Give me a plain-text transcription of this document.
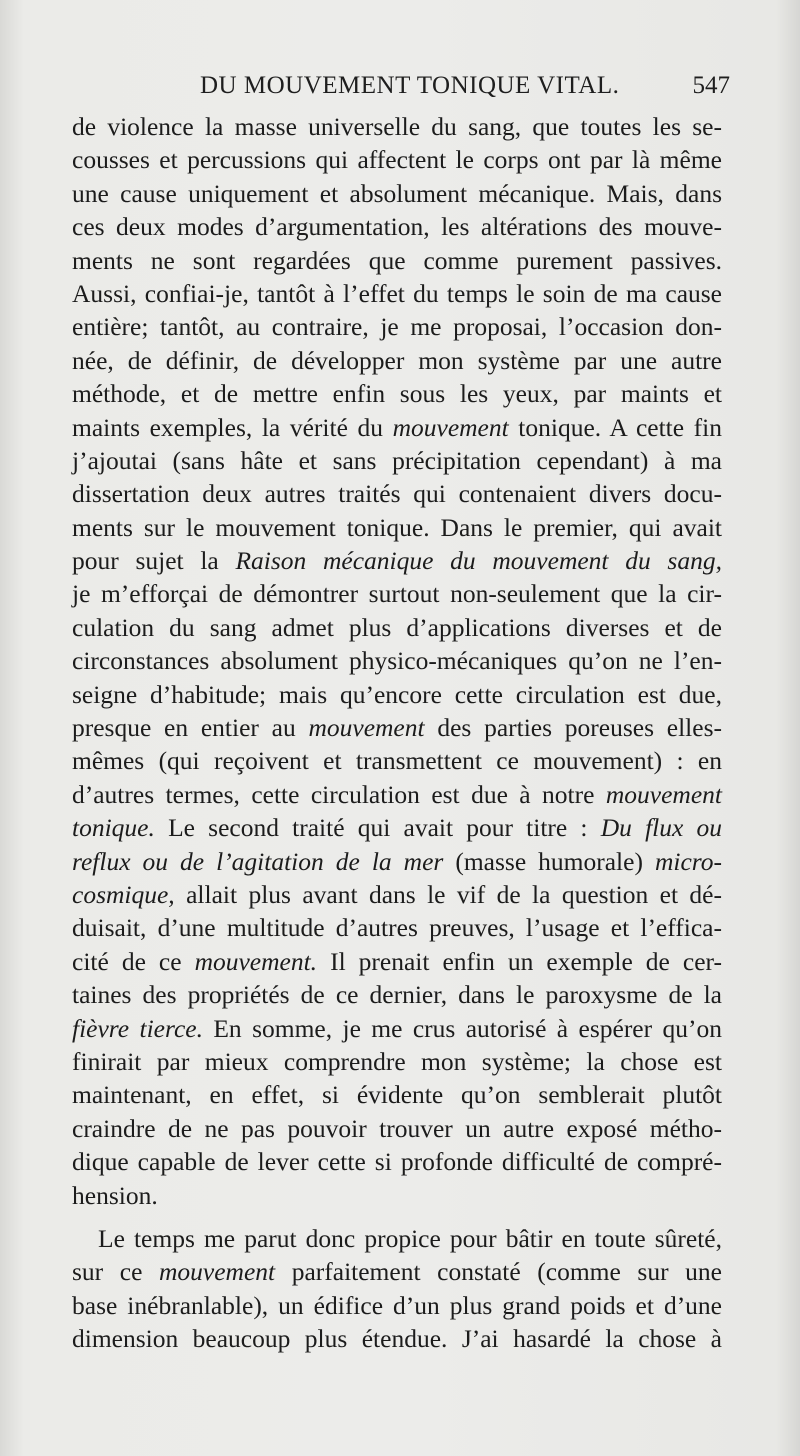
DU MOUVEMENT TONIQUE VITAL.	547
de violence la masse universelle du sang, que toutes les se-
cousses et percussions qui affectent le corps ont par là même
une cause uniquement et absolument mécanique. Mais, dans
ces deux modes d’argumentation, les altérations des mouve-
ments ne sont regardées que comme purement passives.
Aussi, confiai-je, tantôt à l’effet du temps le soin de ma cause
entière; tantôt, au contraire, je me proposai, l’occasion don-
née, de définir, de développer mon système par une autre
méthode, et de mettre enfin sous les yeux, par maints et
maints exemples, la vérité du mouvement tonique. A cette fin
j’ajoutai (sans hâte et sans précipitation cependant) à ma
dissertation deux autres traités qui contenaient divers docu-
ments sur le mouvement tonique. Dans le premier, qui avait
pour sujet la Raison mécanique du mouvement du sang,
je m’efforçai de démontrer surtout non-seulement que la cir-
culation du sang admet plus d’applications diverses et de
circonstances absolument physico-mécaniques qu’on ne l’en-
seigne d’habitude; mais qu’encore cette circulation est due,
presque en entier au mouvement des parties poreuses elles-
mêmes (qui reçoivent et transmettent ce mouvement) : en
d’autres termes, cette circulation est due à notre mouvement
tonique. Le second traité qui avait pour titre : Du flux ou
reflux ou de l’agitation de la mer (masse humorale) micro-
cosmique, allait plus avant dans le vif de la question et dé-
duisait, d’une multitude d’autres preuves, l’usage et l’effica-
cité de ce mouvement. Il prenait enfin un exemple de cer-
taines des propriétés de ce dernier, dans le paroxysme de la
fièvre tierce. En somme, je me crus autorisé à espérer qu’on
finirait par mieux comprendre mon système; la chose est
maintenant, en effet, si évidente qu’on semblerait plutôt
craindre de ne pas pouvoir trouver un autre exposé métho-
dique capable de lever cette si profonde difficulté de compré-
hension.
Le temps me parut donc propice pour bâtir en toute sûreté,
sur ce mouvement parfaitement constaté (comme sur une
base inébranlable), un édifice d’un plus grand poids et d’une
dimension beaucoup plus étendue. J’ai hasardé la chose à
